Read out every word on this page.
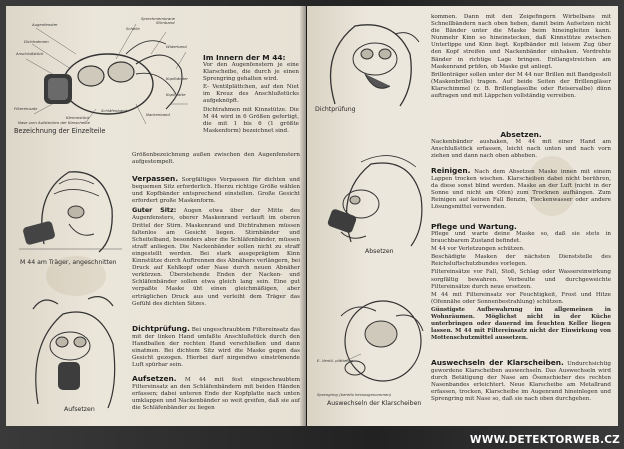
Sprechmembrane
Augenfenster
Dichtrahmen
Anschlußstück
Filtereinsatz
Schelle
Kopfbänder
Stirnband
Schläfenband
Widerband
Kopfplatte
Nackenband
Klemmstück
Nase zum Aufstecken der Klarscheibe
Bezeichnung der Einzelteile
Im Innern der M 44:

Vor den Augenfenstern je eine Klarscheibe, die durch je einen Sprengring gehalten wird.

E- Ventilplättchen, auf den Niet im Kreuz des Anschlußstücks aufgeknöpft.

Dichtrahmen mit Kinnstütze. Die M 44 wird in 6 Größen gefertigt, die mit 1 bis 6 (1 größte Maskenform) bezeichnet sind.

Größenbezeichnung außen zwischen den Augenfenstern aufgestempelt.

M 44 am Träger, angeschnitten
Aufsetzen

Verpassen. Sorgfältiges Verpassen für dichten und bequemen Sitz erforderlich. Hierzu richtige Größe wählen und Kopfbänder entsprechend einstellen. Große Gesicht erfordert große Maskenform.

Guter Sitz: Augen etwa über der Mitte des Augenfensters, oberer Maskenrand verlauft im oberen Drittel der Stirn. Maskenrand und Dichtrahmen müssen faltenlos am Gesicht liegen. Stirnbänder und Scheitelband, besonders aber die Schläfenbänder, müssen straff anliegen. Die Nackenbänder sollen nicht zu straff eingestellt werden. Bei stark ausgeprägtem Kinn Kinnstütze durch Auftrennen des Abnähers verlängern, bei Druck auf Kehlkopf oder Nase durch neuen Abnäher verkürzen. Überstehende Enden der Nacken- und Schläfenbänder sollen etwa gleich lang sein. Eine gut verpaßte Maske übt einen gleichmäßigen, aber erträglichen Druck aus und verleiht dem Träger das Gefühl des dichten Sitzes.

Dichtprüfung. Bei ungeschraubtem Filtereinsatz das mit der linken Hand umfaßte Anschlußstück durch den Handballen der rechten Hand verschließen und dann einatmen. Bei dichtem Sitz wird die Maske gegen das Gesicht gezogen. Hierbei darf nirgendwo einströmende Luft spürbar sein.

Aufsetzen. M 44 mit fest eingeschraubtem Filtereinsatz an den Schläfenbändern mit beiden Händen erfassen; dabei unteren Ende der Kopfplatte nach unten umklappen und Nackenbänder so weit greifen, daß sie auf die Schläfenbänder zu liegen

Dichtprüfung
Absetzen
E- Ventil- plättchen
Sprengring (bereits herausgenommen)
Auswechseln der Klarscheiben

kommen. Dann mit den Zeigefingern Wirbelbans mit Schnellbändern nach oben heben, damit beim Aufsetzen nicht die Bänder unter die Maske beim hineingleiten kann. Nunmehr Kinn so hineinstecken, daß Kinnstütze zwischen Unterlippe und Kinn liegt. Kopfbänder mit leisem Zug über den Kopf streifen und Nackenbänder einhaken. Verdrehte Bänder in richtige Lage bringen. Entlangstreichen am Maskenrand prüfen, ob Maske gut anliegt.

Brillenträger sollen unter der M 44 nur Brillen mit Bandgestell (Maskenbrille) tragen. Auf beide Seiten der Brillengläser Klarschimmel (z. B. Brillenglasolbe oder Reisersalbe) dünn auftragen und mit Läppchen vollständig verreiben.

Absetzen.

Nackenbänder aushaken, M 44 mit einer Hand am Anschlußstück erfassen, leicht nach unten und nach vorn ziehen und dann nach oben abheben.

Reinigen. Nach dem Absetzen Maske innen mit einem Lappen trocken wischen. Klarscheiben dabei nicht berühren, da diese sonst blind werden. Maske an der Luft (nicht in der Sonne und nicht am Ofen) zum Trocknen aufhängen. Zum Reinigen auf keinen Fall Benzin, Fleckenwasser oder andere Lösungsmittel verwenden.

Pflege und Wartung.

Pflege und warte deine Maske so, daß sie stets in brauchbarem Zustand befindet.

M 44 vor Verletzungen schützen.

Beschädigte Masken der nächsten Dienststelle des Reichsluftschutzbundes vorlegen.

Filtereinsätze vor Fall, Stoß, Schlag oder Wassereinwirkung sorgfältig bewahren. Verbeulte und durchgeweichte Filtereinsätze durch neue ersetzen.

M 44 mit Filtereinsatz vor Feuchtigkeit, Frost und Hitze (Ofennähe oder Sonnenbestrahlung) schützen.

Günstigste Aufbewahrung im allgemeinen in Wohnräumen. Möglichst nicht in der Küche unterbringen oder dauernd im feuchten Keller liegen lassen. M 44 mit Filtereinsatz nicht der Einwirkung von Mottenschutzmittel aussetzen.

Auswechseln der Klarscheiben. Undurchsichtig gewordene Klarscheiben auswechseln. Das Auswechseln wird durch Betätigung der Nase am Ösenschieber des rechten Nasenbandes erleichtert. Neue Klarscheibe am Metallrand erfassen, trocken, Klarscheibe im Augenrand hineinlegen und Sprengring mit Nase so, daß sie nach oben durchgehen.

WWW.DETEKTORWEB.CZ
